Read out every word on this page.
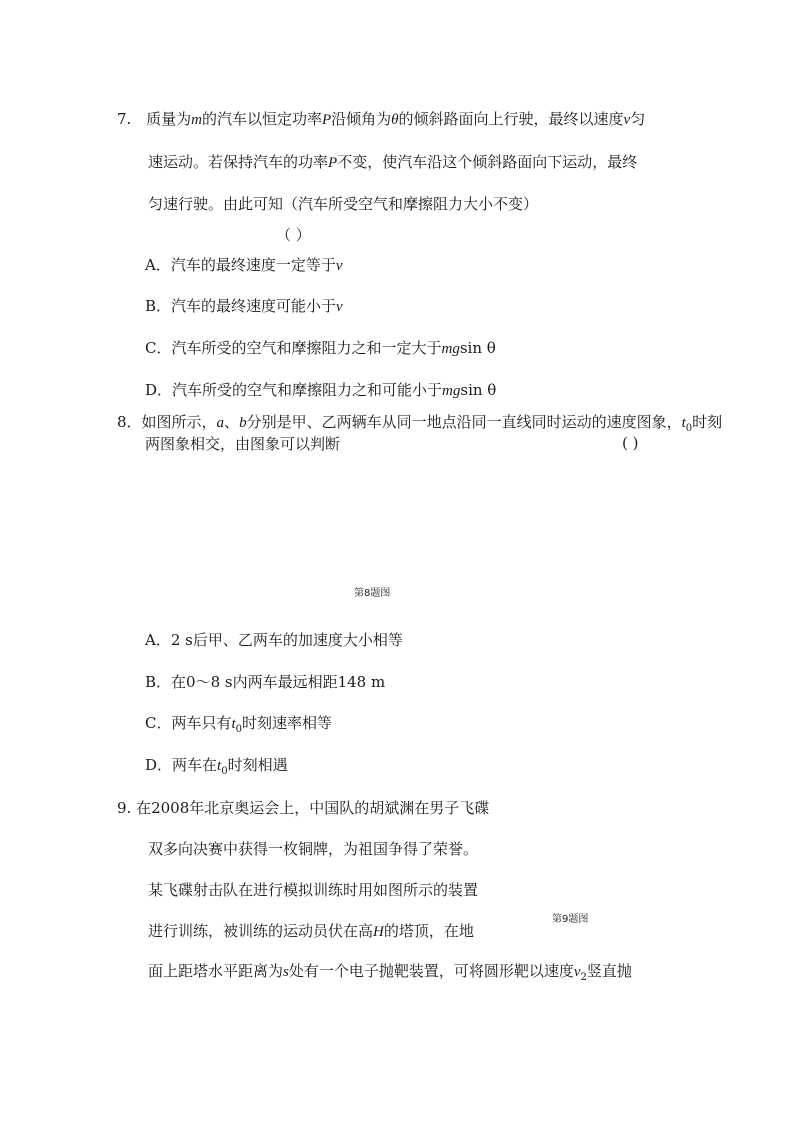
7. 质量为m的汽车以恒定功率P沿倾角为θ的倾斜路面向上行驶，最终以速度v匀
速运动。若保持汽车的功率P不变，使汽车沿这个倾斜路面向下运动，最终
匀速行驶。由此可知（汽车所受空气和摩擦阻力大小不变）
（ ）
A．汽车的最终速度一定等于v
B．汽车的最终速度可能小于v
C．汽车所受的空气和摩擦阻力之和一定大于mgsin θ
D．汽车所受的空气和摩擦阻力之和可能小于mgsin θ
8．如图所示，a、b分别是甲、乙两辆车从同一地点沿同一直线同时运动的速度图象，$t_0$时刻
两图象相交，由图象可以判断	( )
第8题图
A．2 s后甲、乙两车的加速度大小相等
B．在0～8 s内两车最远相距148 m
C．两车只有$t_0$时刻速率相等
D．两车在$t_0$时刻相遇
9. 在2008年北京奥运会上，中国队的胡斌渊在男子飞碟
双多向决赛中获得一枚铜牌，为祖国争得了荣誉。
某飞碟射击队在进行模拟训练时用如图所示的装置
进行训练，被训练的运动员伏在高H的塔顶，在地
第9题图
面上距塔水平距离为s处有一个电子抛靶装置，可将圆形靶以速度$v_2$竖直抛
